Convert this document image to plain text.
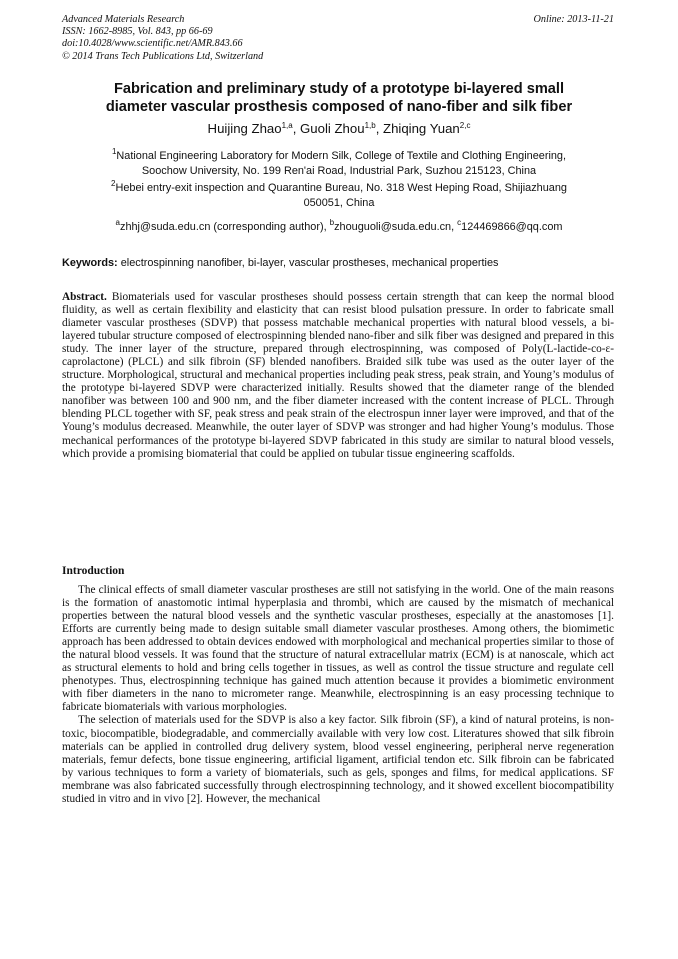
Advanced Materials Research
ISSN: 1662-8985, Vol. 843, pp 66-69
doi:10.4028/www.scientific.net/AMR.843.66
© 2014 Trans Tech Publications Ltd, Switzerland
Online: 2013-11-21
Fabrication and preliminary study of a prototype bi-layered small
diameter vascular prosthesis composed of nano-fiber and silk fiber
Huijing Zhao$^{1,a}$, Guoli Zhou$^{1,b}$, Zhiqing Yuan$^{2,c}$
$^1$National Engineering Laboratory for Modern Silk, College of Textile and Clothing Engineering,
Soochow University, No. 199 Ren'ai Road, Industrial Park, Suzhou 215123, China
$^2$Hebei entry-exit inspection and Quarantine Bureau, No. 318 West Heping Road, Shijiazhuang
050051, China
$^a$zhhj@suda.edu.cn (corresponding author), $^b$zhouguoli@suda.edu.cn, $^c$124469866@qq.com
Keywords: electrospinning nanofiber, bi-layer, vascular prostheses, mechanical properties
Abstract. Biomaterials used for vascular prostheses should possess certain strength that can keep the normal blood fluidity, as well as certain flexibility and elasticity that can resist blood pulsation pressure. In order to fabricate small diameter vascular prostheses (SDVP) that possess matchable mechanical properties with natural blood vessels, a bi-layered tubular structure composed of electrospinning blended nano-fiber and silk fiber was designed and prepared in this study. The inner layer of the structure, prepared through electrospinning, was composed of Poly(L-lactide-co-ε-caprolactone) (PLCL) and silk fibroin (SF) blended nanofibers. Braided silk tube was used as the outer layer of the structure. Morphological, structural and mechanical properties including peak stress, peak strain, and Young’s modulus of the prototype bi-layered SDVP were characterized initially. Results showed that the diameter range of the blended nanofiber was between 100 and 900 nm, and the fiber diameter increased with the content increase of PLCL. Through blending PLCL together with SF, peak stress and peak strain of the electrospun inner layer were improved, and that of the Young’s modulus decreased. Meanwhile, the outer layer of SDVP was stronger and had higher Young’s modulus. Those mechanical performances of the prototype bi-layered SDVP fabricated in this study are similar to natural blood vessels, which provide a promising biomaterial that could be applied on tubular tissue engineering scaffolds.
Introduction

The clinical effects of small diameter vascular prostheses are still not satisfying in the world. One of the main reasons is the formation of anastomotic intimal hyperplasia and thrombi, which are caused by the mismatch of mechanical properties between the natural blood vessels and the synthetic vascular prostheses, especially at the anastomoses [1]. Efforts are currently being made to design suitable small diameter vascular prostheses. Among others, the biomimetic approach has been addressed to obtain devices endowed with morphological and mechanical properties similar to those of the natural blood vessels. It was found that the structure of natural extracellular matrix (ECM) is at nanoscale, which act as structural elements to hold and bring cells together in tissues, as well as control the tissue structure and regulate cell phenotypes. Thus, electrospinning technique has gained much attention because it provides a biomimetic environment with fiber diameters in the nano to micrometer range. Meanwhile, electrospinning is an easy processing technique to fabricate biomaterials with various morphologies.

The selection of materials used for the SDVP is also a key factor. Silk fibroin (SF), a kind of natural proteins, is non-toxic, biocompatible, biodegradable, and commercially available with very low cost. Literatures showed that silk fibroin materials can be applied in controlled drug delivery system, blood vessel engineering, peripheral nerve regeneration materials, femur defects, bone tissue engineering, artificial ligament, artificial tendon etc. Silk fibroin can be fabricated by various techniques to form a variety of biomaterials, such as gels, sponges and films, for medical applications. SF membrane was also fabricated successfully through electrospinning technology, and it showed excellent biocompatibility studied in vitro and in vivo [2]. However, the mechanical
